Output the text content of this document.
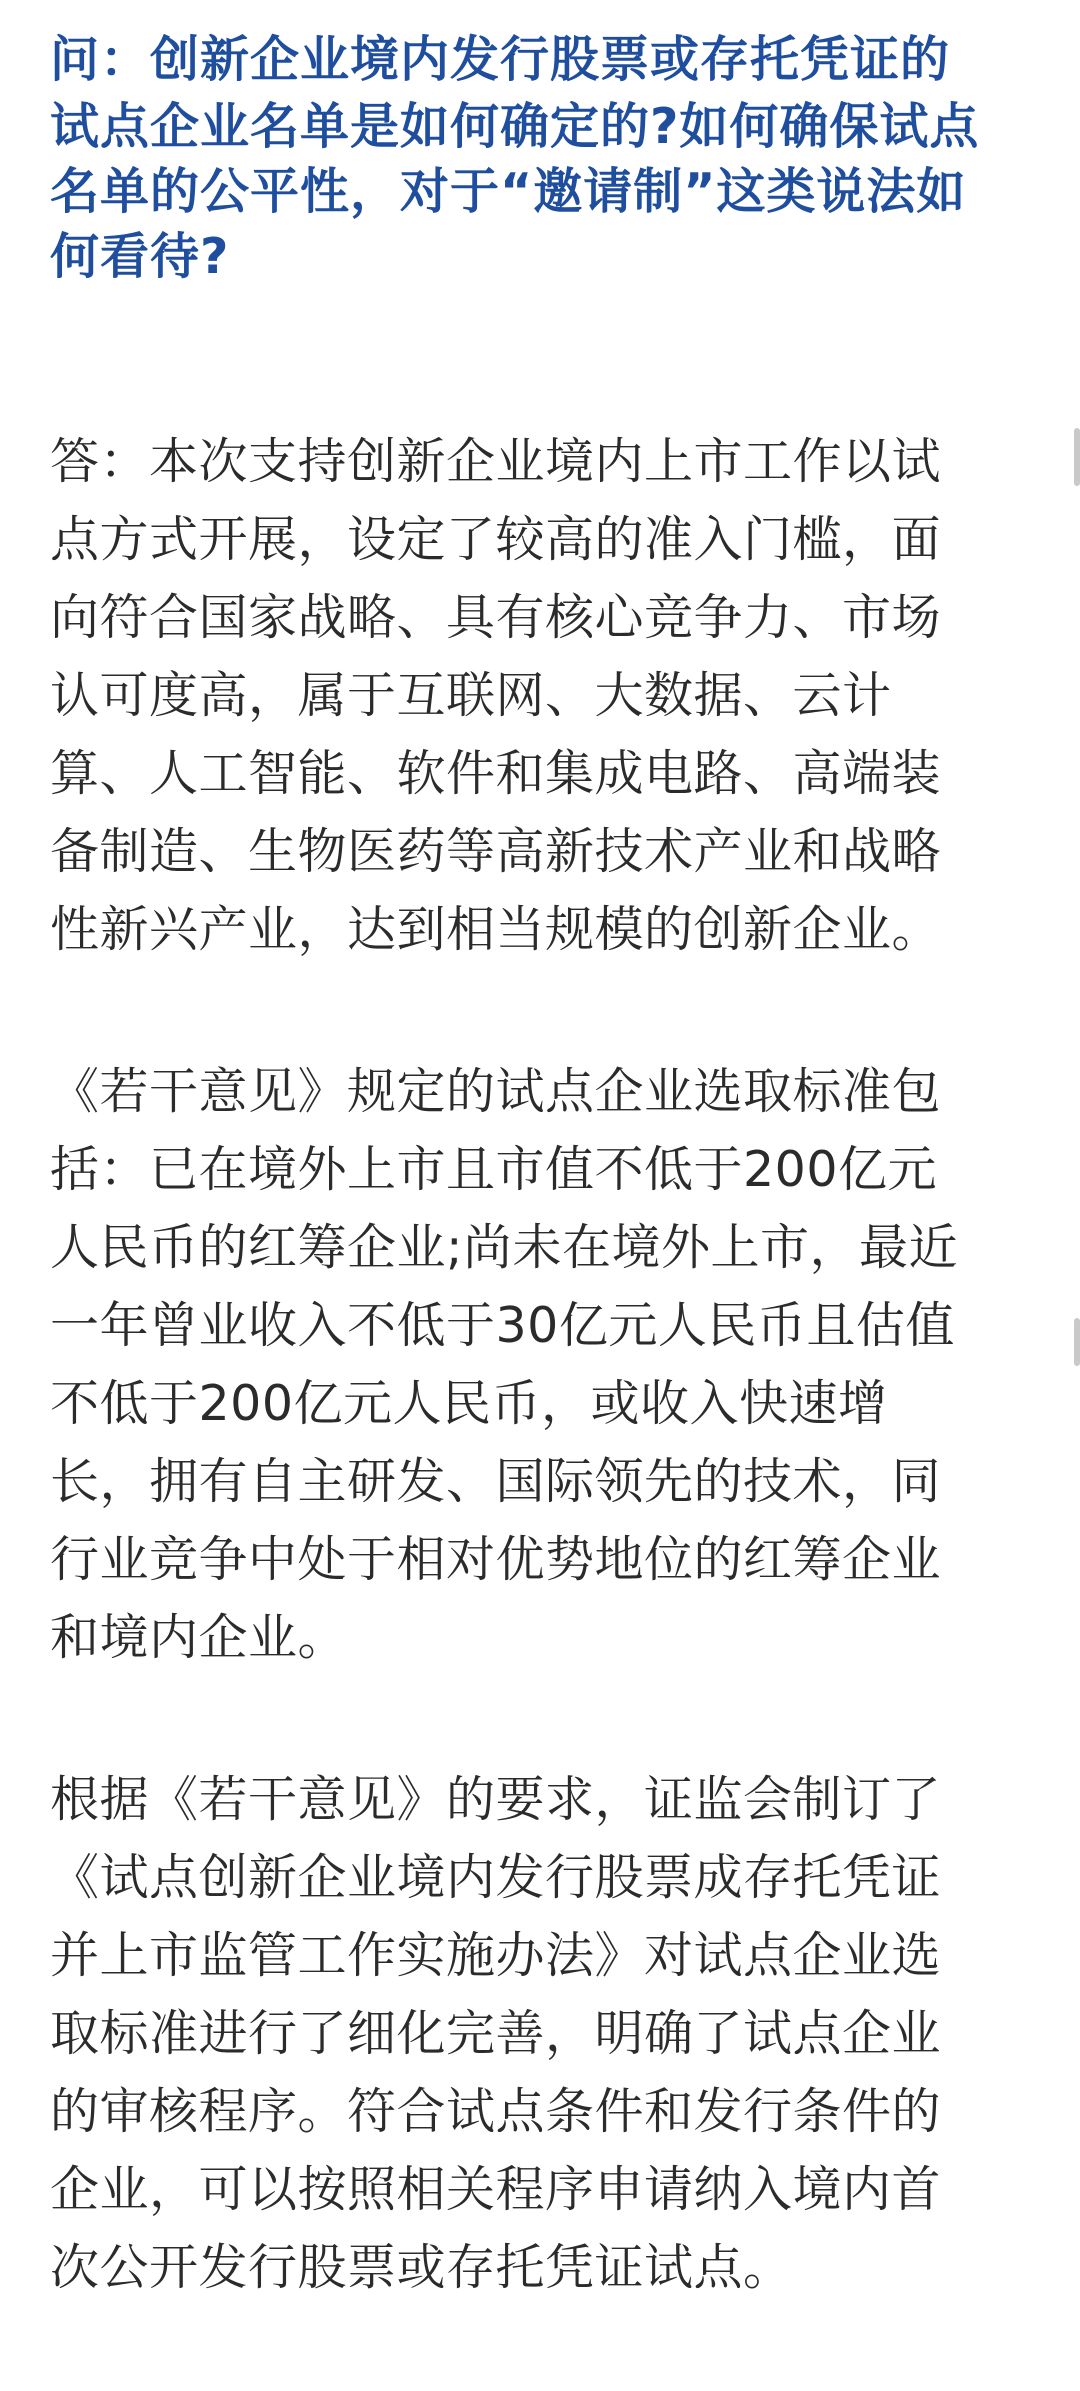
问：创新企业境内发行股票或存托凭证的
试点企业名单是如何确定的?如何确保试点
名单的公平性，对于“邀请制”这类说法如
何看待?
答：本次支持创新企业境内上市工作以试
点方式开展，设定了较高的准入门槛，面
向符合国家战略、具有核心竞争力、市场
认可度高，属于互联网、大数据、云计
算、人工智能、软件和集成电路、高端装
备制造、生物医药等高新技术产业和战略
性新兴产业，达到相当规模的创新企业。
《若干意见》规定的试点企业选取标准包
括：已在境外上市且市值不低于200亿元
人民币的红筹企业;尚未在境外上市，最近
一年曾业收入不低于30亿元人民币且估值
不低于200亿元人民币，或收入快速增
长，拥有自主研发、国际领先的技术，同
行业竞争中处于相对优势地位的红筹企业
和境内企业。
根据《若干意见》的要求，证监会制订了
《试点创新企业境内发行股票成存托凭证
并上市监管工作实施办法》对试点企业选
取标准进行了细化完善，明确了试点企业
的审核程序。符合试点条件和发行条件的
企业，可以按照相关程序申请纳入境内首
次公开发行股票或存托凭证试点。
